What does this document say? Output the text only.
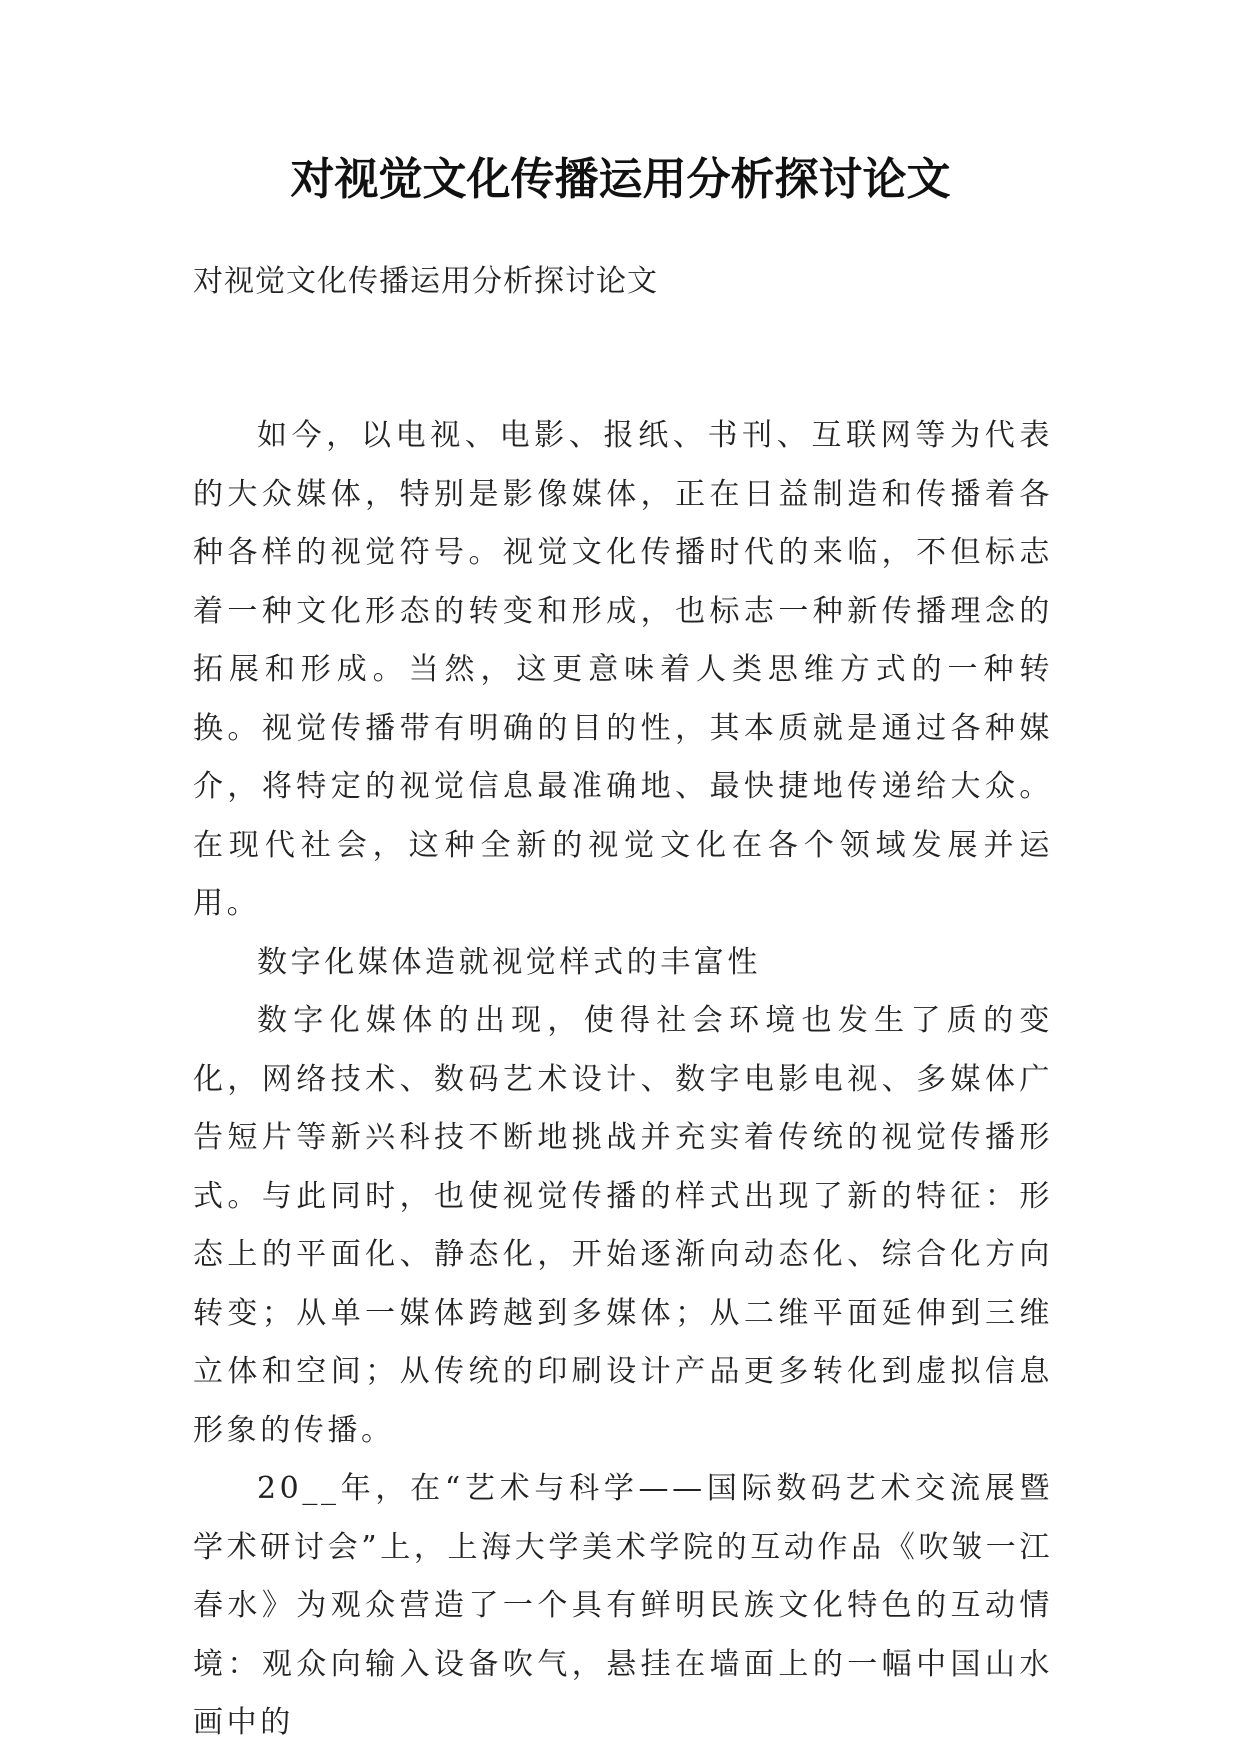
对视觉文化传播运用分析探讨论文

对视觉文化传播运用分析探讨论文

如今，以电视、电影、报纸、书刊、互联网等为代表的大众媒体，特别是影像媒体，正在日益制造和传播着各种各样的视觉符号。视觉文化传播时代的来临，不但标志着一种文化形态的转变和形成，也标志一种新传播理念的拓展和形成。当然，这更意味着人类思维方式的一种转换。视觉传播带有明确的目的性，其本质就是通过各种媒介，将特定的视觉信息最准确地、最快捷地传递给大众。在现代社会，这种全新的视觉文化在各个领域发展并运用。

数字化媒体造就视觉样式的丰富性

数字化媒体的出现，使得社会环境也发生了质的变化，网络技术、数码艺术设计、数字电影电视、多媒体广告短片等新兴科技不断地挑战并充实着传统的视觉传播形式。与此同时，也使视觉传播的样式出现了新的特征：形态上的平面化、静态化，开始逐渐向动态化、综合化方向转变；从单一媒体跨越到多媒体；从二维平面延伸到三维立体和空间；从传统的印刷设计产品更多转化到虚拟信息形象的传播。

20__年，在“艺术与科学——国际数码艺术交流展暨学术研讨会”上，上海大学美术学院的互动作品《吹皱一江春水》为观众营造了一个具有鲜明民族文化特色的互动情境：观众向输入设备吹气，悬挂在墙面上的一幅中国山水画中的
